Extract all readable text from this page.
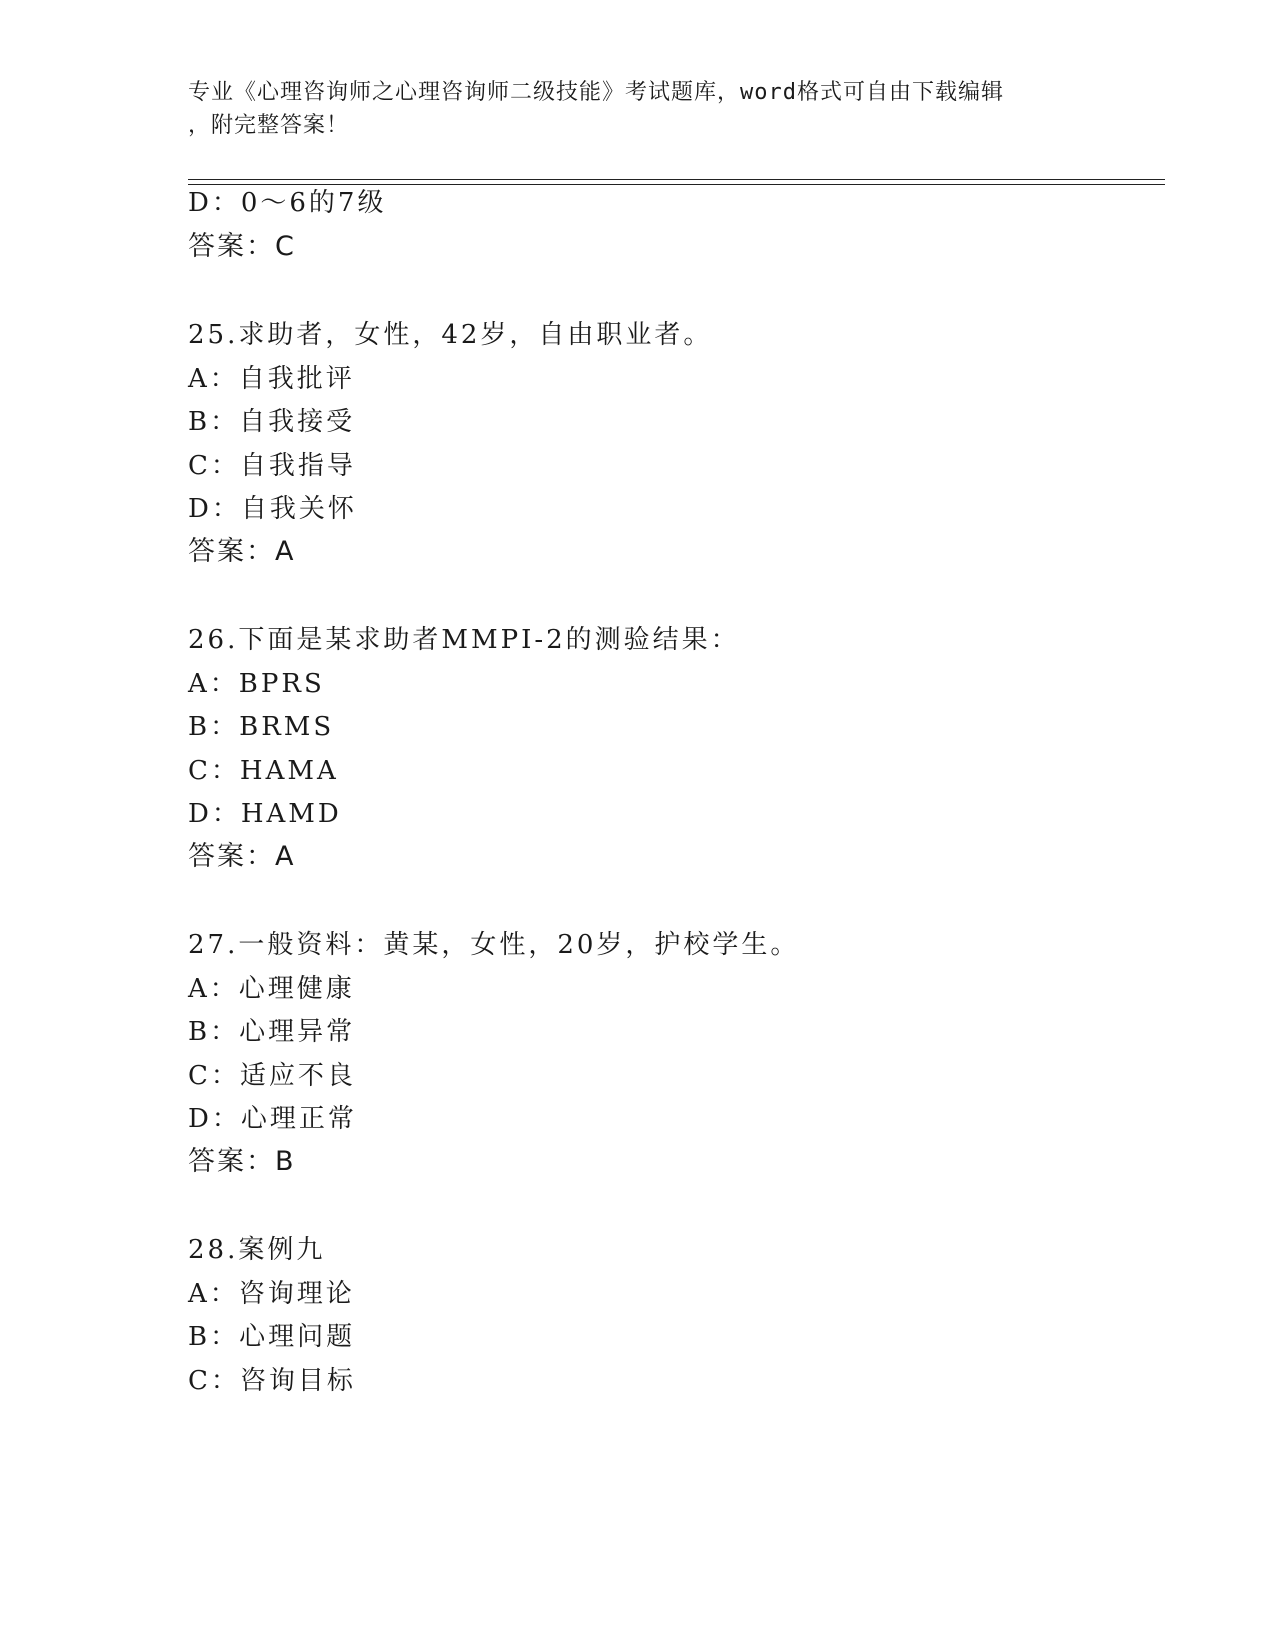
专业《心理咨询师之心理咨询师二级技能》考试题库，word格式可自由下载编辑
，附完整答案！
D：0～6的7级
答案：C
25.求助者，女性，42岁，自由职业者。
A：自我批评
B：自我接受
C：自我指导
D：自我关怀
答案：A
26.下面是某求助者MMPI-2的测验结果：
A：BPRS
B：BRMS
C：HAMA
D：HAMD
答案：A
27.一般资料：黄某，女性，20岁，护校学生。
A：心理健康
B：心理异常
C：适应不良
D：心理正常
答案：B
28.案例九
A：咨询理论
B：心理问题
C：咨询目标
